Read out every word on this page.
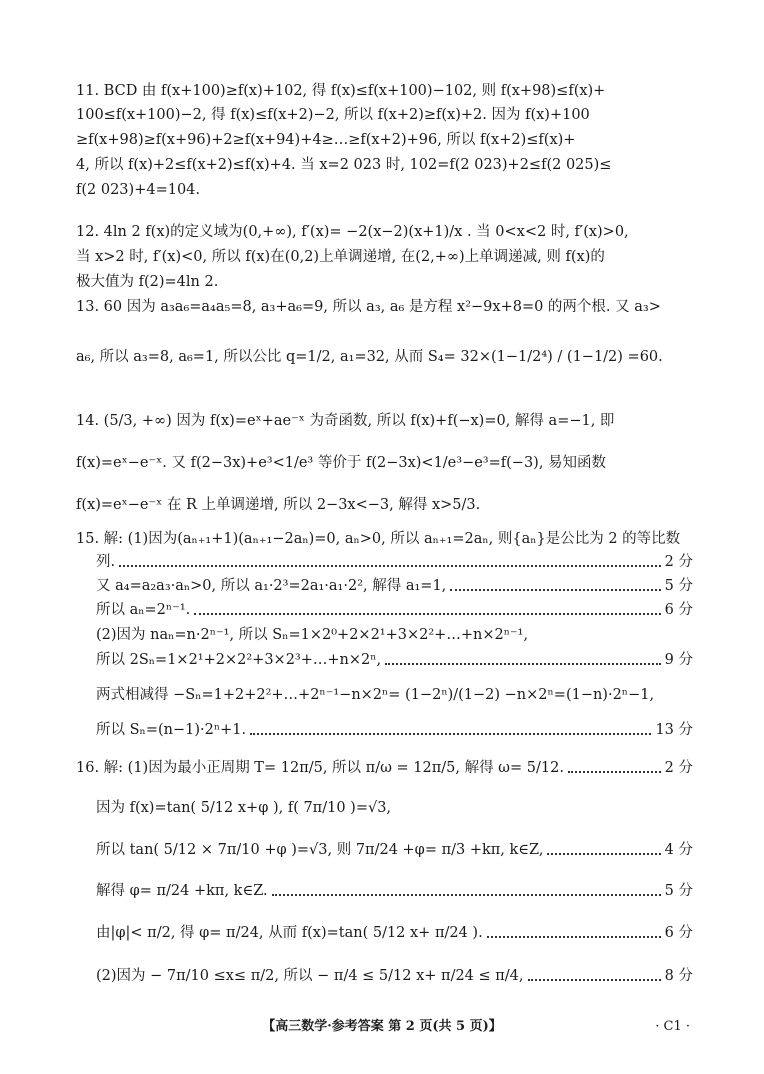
11. BCD 由 f(x+100)≥f(x)+102, 得 f(x)≤f(x+100)−102, 则 f(x+98)≤f(x)+
100≤f(x+100)−2, 得 f(x)≤f(x+2)−2, 所以 f(x+2)≥f(x)+2. 因为 f(x)+100
≥f(x+98)≥f(x+96)+2≥f(x+94)+4≥…≥f(x+2)+96, 所以 f(x+2)≤f(x)+
4, 所以 f(x)+2≤f(x+2)≤f(x)+4. 当 x=2 023 时, 102=f(2 023)+2≤f(2 025)≤
f(2 023)+4=104.
12. 4ln 2 f(x)的定义域为(0,+∞), f′(x)= −2(x−2)(x+1)/x . 当 0<x<2 时, f′(x)>0,
当 x>2 时, f′(x)<0, 所以 f(x)在(0,2)上单调递增, 在(2,+∞)上单调递减, 则 f(x)的
极大值为 f(2)=4ln 2.
13. 60 因为 a₃a₆=a₄a₅=8, a₃+a₆=9, 所以 a₃, a₆ 是方程 x²−9x+8=0 的两个根. 又 a₃>
a₆, 所以 a₃=8, a₆=1, 所以公比 q=1/2, a₁=32, 从而 S₄= 32×(1−1/2⁴) / (1−1/2) =60.
14. (5/3, +∞) 因为 f(x)=eˣ+ae⁻ˣ 为奇函数, 所以 f(x)+f(−x)=0, 解得 a=−1, 即
f(x)=eˣ−e⁻ˣ. 又 f(2−3x)+e³<1/e³ 等价于 f(2−3x)<1/e³−e³=f(−3), 易知函数
f(x)=eˣ−e⁻ˣ 在 R 上单调递增, 所以 2−3x<−3, 解得 x>5/3.
15. 解: (1)因为(aₙ₊₁+1)(aₙ₊₁−2aₙ)=0, aₙ>0, 所以 aₙ₊₁=2aₙ, 则{aₙ}是公比为 2 的等比数
列.	2 分
又 a₄=a₂a₃·aₙ>0, 所以 a₁·2³=2a₁·a₁·2², 解得 a₁=1,	5 分
所以 aₙ=2ⁿ⁻¹.	6 分
(2)因为 naₙ=n·2ⁿ⁻¹, 所以 Sₙ=1×2⁰+2×2¹+3×2²+…+n×2ⁿ⁻¹,
所以 2Sₙ=1×2¹+2×2²+3×2³+…+n×2ⁿ,	9 分
两式相减得 −Sₙ=1+2+2²+…+2ⁿ⁻¹−n×2ⁿ= (1−2ⁿ)/(1−2) −n×2ⁿ=(1−n)·2ⁿ−1,
所以 Sₙ=(n−1)·2ⁿ+1.	13 分
16. 解: (1)因为最小正周期 T= 12π/5, 所以 π/ω = 12π/5, 解得 ω= 5/12.	2 分
因为 f(x)=tan( 5/12 x+φ ), f( 7π/10 )=√3,
所以 tan( 5/12 × 7π/10 +φ )=√3, 则 7π/24 +φ= π/3 +kπ, k∈Z,	4 分
解得 φ= π/24 +kπ, k∈Z.	5 分
由|φ|< π/2, 得 φ= π/24, 从而 f(x)=tan( 5/12 x+ π/24 ).	6 分
(2)因为 − 7π/10 ≤x≤ π/2, 所以 − π/4 ≤ 5/12 x+ π/24 ≤ π/4,	8 分
【高三数学·参考答案 第 2 页(共 5 页)】	· C1 ·
